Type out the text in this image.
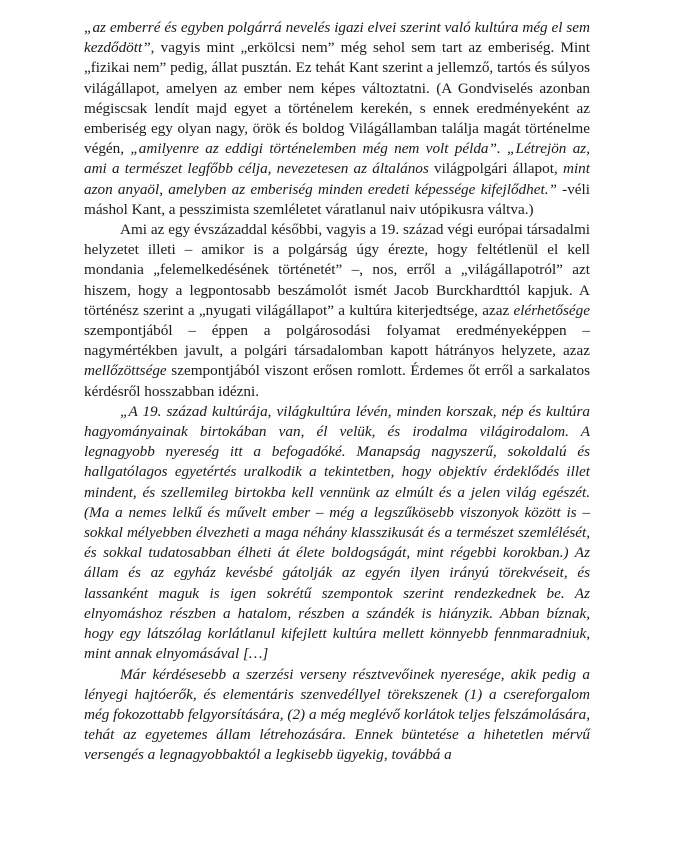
„az emberré és egyben polgárrá nevelés igazi elvei szerint való kultúra még el sem kezdődött”, vagyis mint „erkölcsi nem” még sehol sem tart az emberiség. Mint „fizikai nem” pedig, állat pusztán. Ez tehát Kant szerint a jellemző, tartós és súlyos világállapot, amelyen az ember nem képes változtatni. (A Gondviselés azonban mégiscsak lendít majd egyet a történelem kerekén, s ennek eredményeként az emberiség egy olyan nagy, örök és boldog Világállamban találja magát történelme végén, „amilyenre az eddigi történelemben még nem volt példa”. „Létrejön az, ami a természet legfőbb célja, nevezetesen az általános világpolgári állapot, mint azon anyaöl, amelyben az emberiség minden eredeti képessége kifejlődhet.” -véli máshol Kant, a pesszimista szemléletet váratlanul naiv utópikusra váltva.)

Ami az egy évszázaddal későbbi, vagyis a 19. század végi európai társadalmi helyzetet illeti – amikor is a polgárság úgy érezte, hogy feltétlenül el kell mondania „felemelkedésének történetét” –, nos, erről a „világállapotról” azt hiszem, hogy a legpontosabb beszámolót ismét Jacob Burckhardttól kapjuk. A történész szerint a „nyugati világállapot” a kultúra kiterjedtsége, azaz elérhetősége szempontjából – éppen a polgárosodási folyamat eredményeképpen – nagymértékben javult, a polgári társadalomban kapott hátrányos helyzete, azaz mellőzöttsége szempontjából viszont erősen romlott. Érdemes őt erről a sarkalatos kérdésről hosszabban idézni.

„A 19. század kultúrája, világkultúra lévén, minden korszak, nép és kultúra hagyományainak birtokában van, él velük, és irodalma világirodalom. A legnagyobb nyereség itt a befogadóké. Manapság nagyszerű, sokoldalú és hallgatólagos egyetértés uralkodik a tekintetben, hogy objektív érdeklődés illet mindent, és szellemileg birtokba kell vennünk az elmúlt és a jelen világ egészét. (Ma a nemes lelkű és művelt ember – még a legszűkösebb viszonyok között is – sokkal mélyebben élvezheti a maga néhány klasszikusát és a természet szemlélését, és sokkal tudatosabban élheti át élete boldogságát, mint régebbi korokban.) Az állam és az egyház kevésbé gátolják az egyén ilyen irányú törekvéseit, és lassanként maguk is igen sokrétű szempontok szerint rendezkednek be. Az elnyomáshoz részben a hatalom, részben a szándék is hiányzik. Abban bíznak, hogy egy látszólag korlátlanul kifejlett kultúra mellett könnyebb fennmaradniuk, mint annak elnyomásával […]

Már kérdésesebb a szerzési verseny résztvevőinek nyeresége, akik pedig a lényegi hajtóerők, és elementáris szenvedéllyel törekszenek (1) a csereforgalom még fokozottabb felgyorsítására, (2) a még meglévő korlátok teljes felszámolására, tehát az egyetemes állam létrehozására. Ennek büntetése a hihetetlen mérvű versengés a legnagyobbaktól a legkisebb ügyekig, továbbá a
